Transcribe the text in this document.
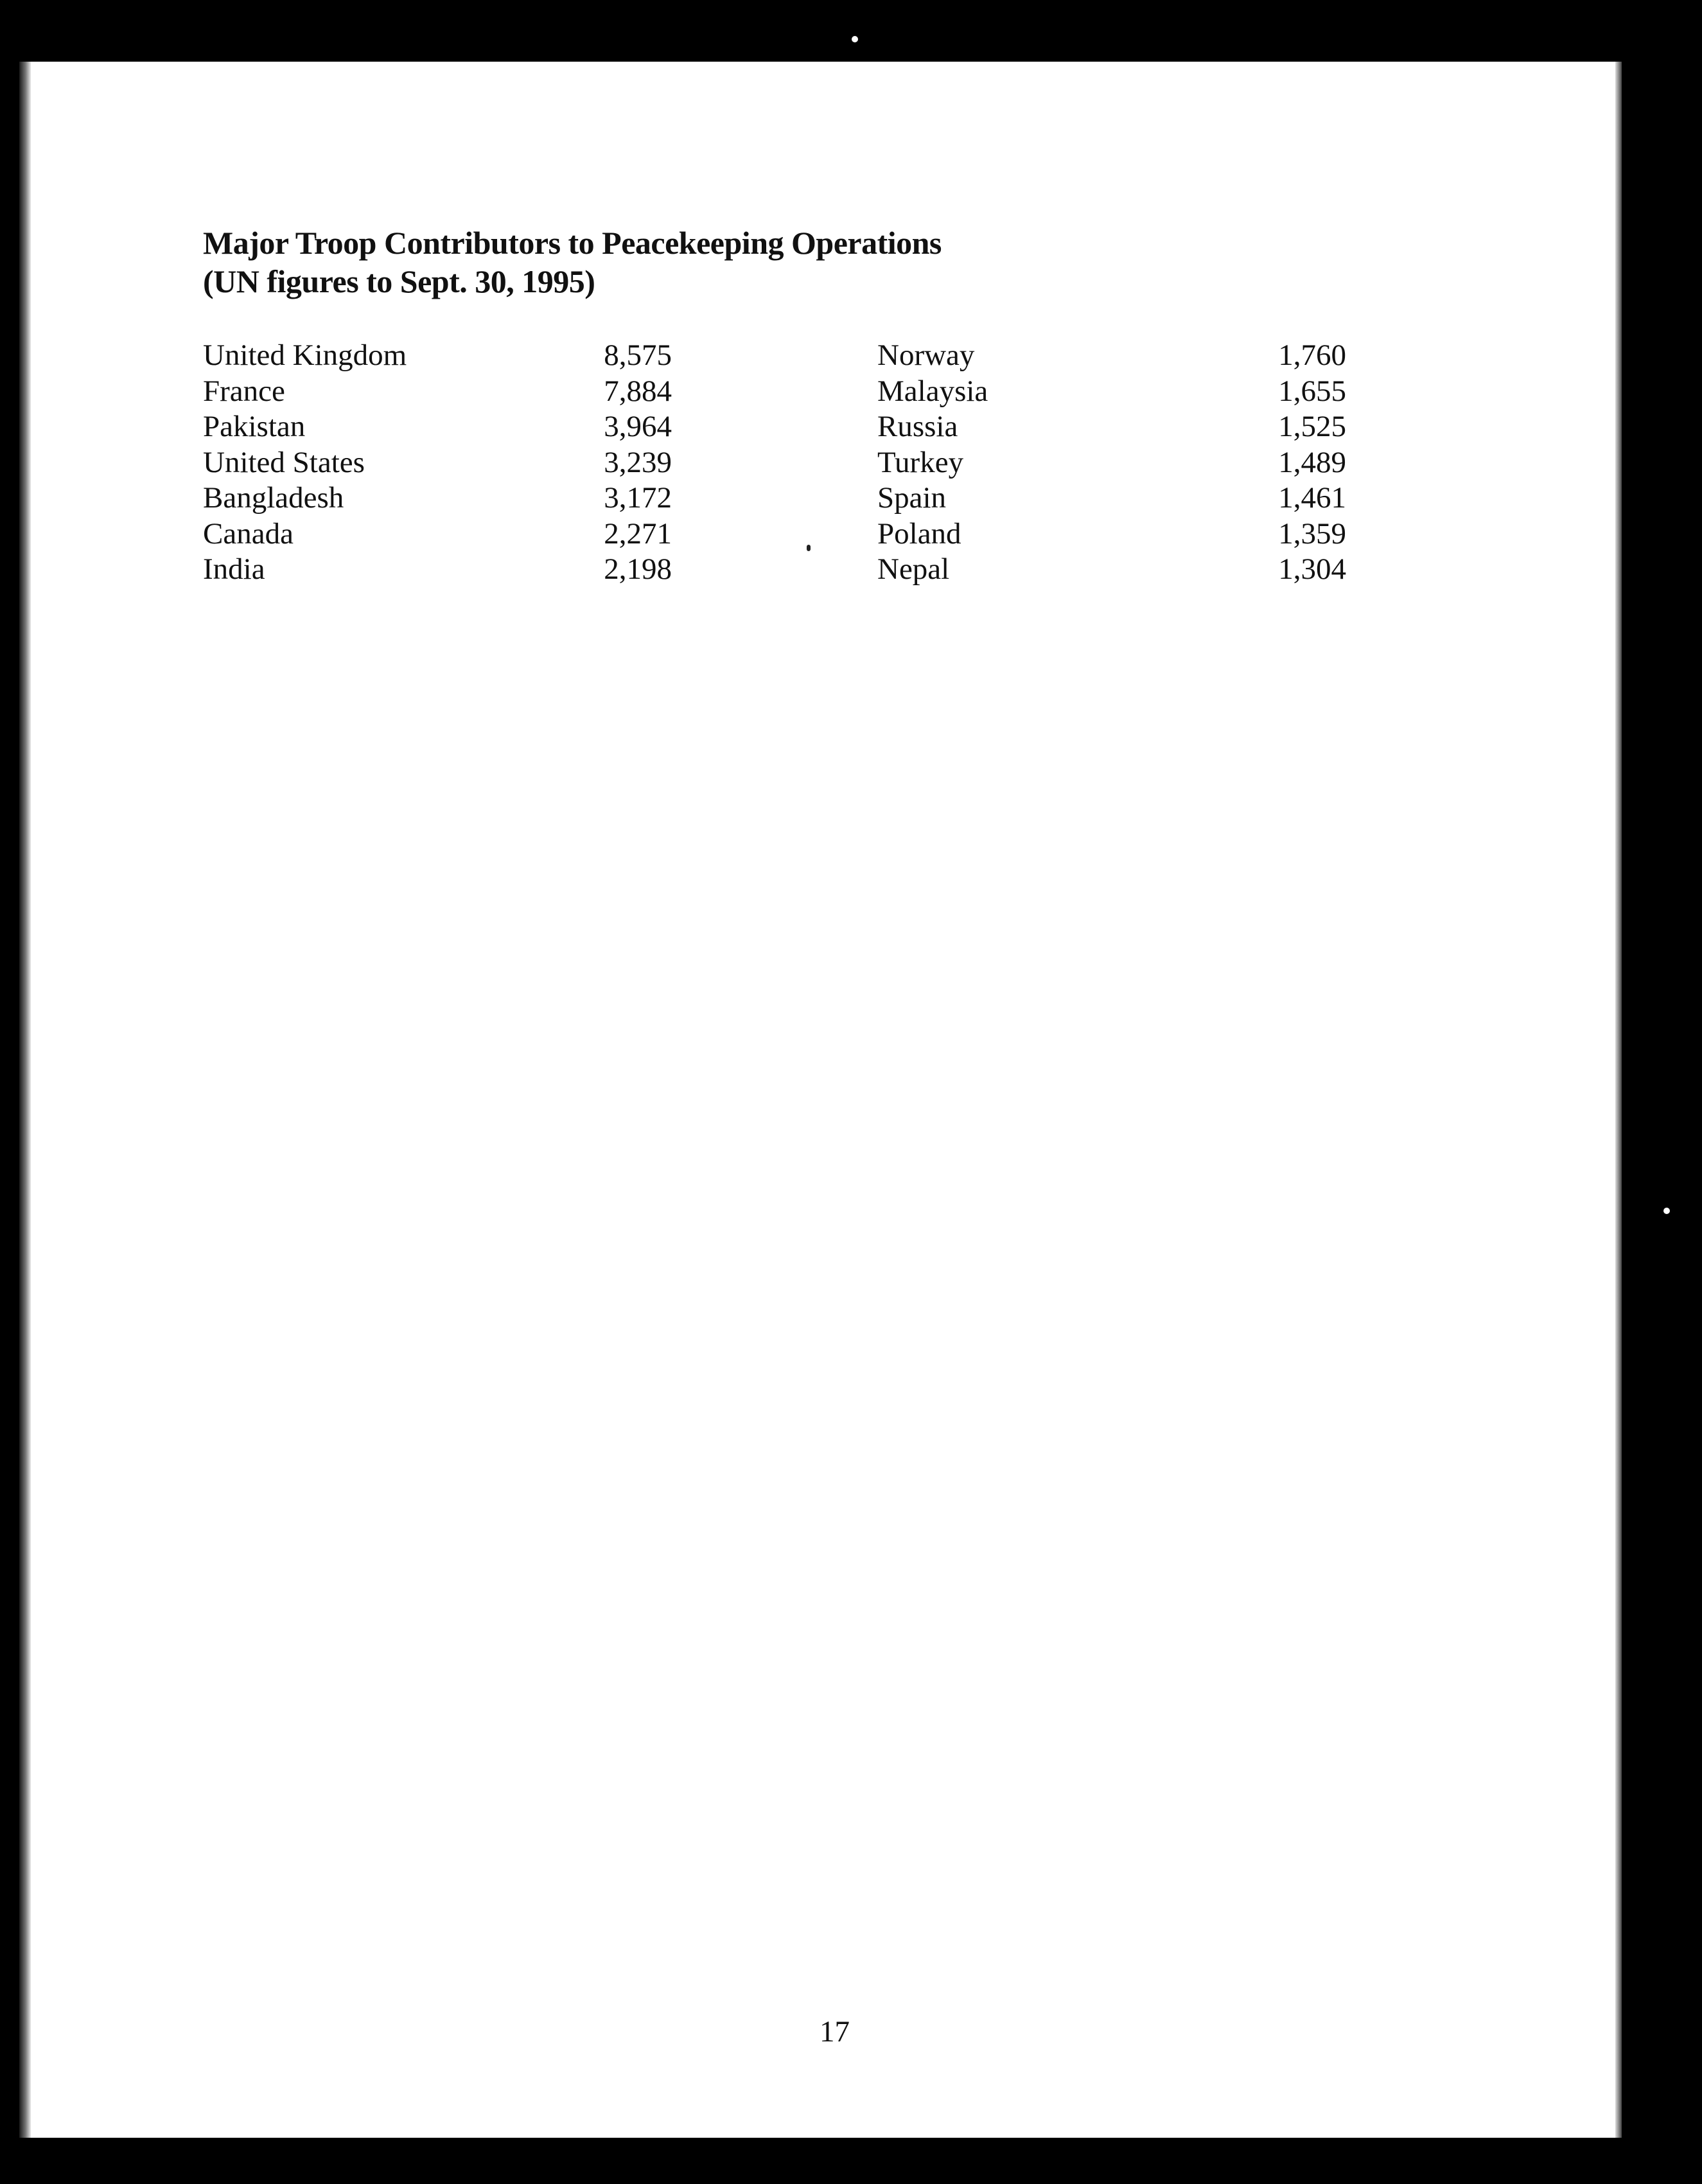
Major Troop Contributors to Peacekeeping Operations
(UN figures to Sept. 30, 1995)
United Kingdom	8,575
France	7,884
Pakistan	3,964
United States	3,239
Bangladesh	3,172
Canada	2,271
India	2,198
Norway	1,760
Malaysia	1,655
Russia	1,525
Turkey	1,489
Spain	1,461
Poland	1,359
Nepal	1,304
17
